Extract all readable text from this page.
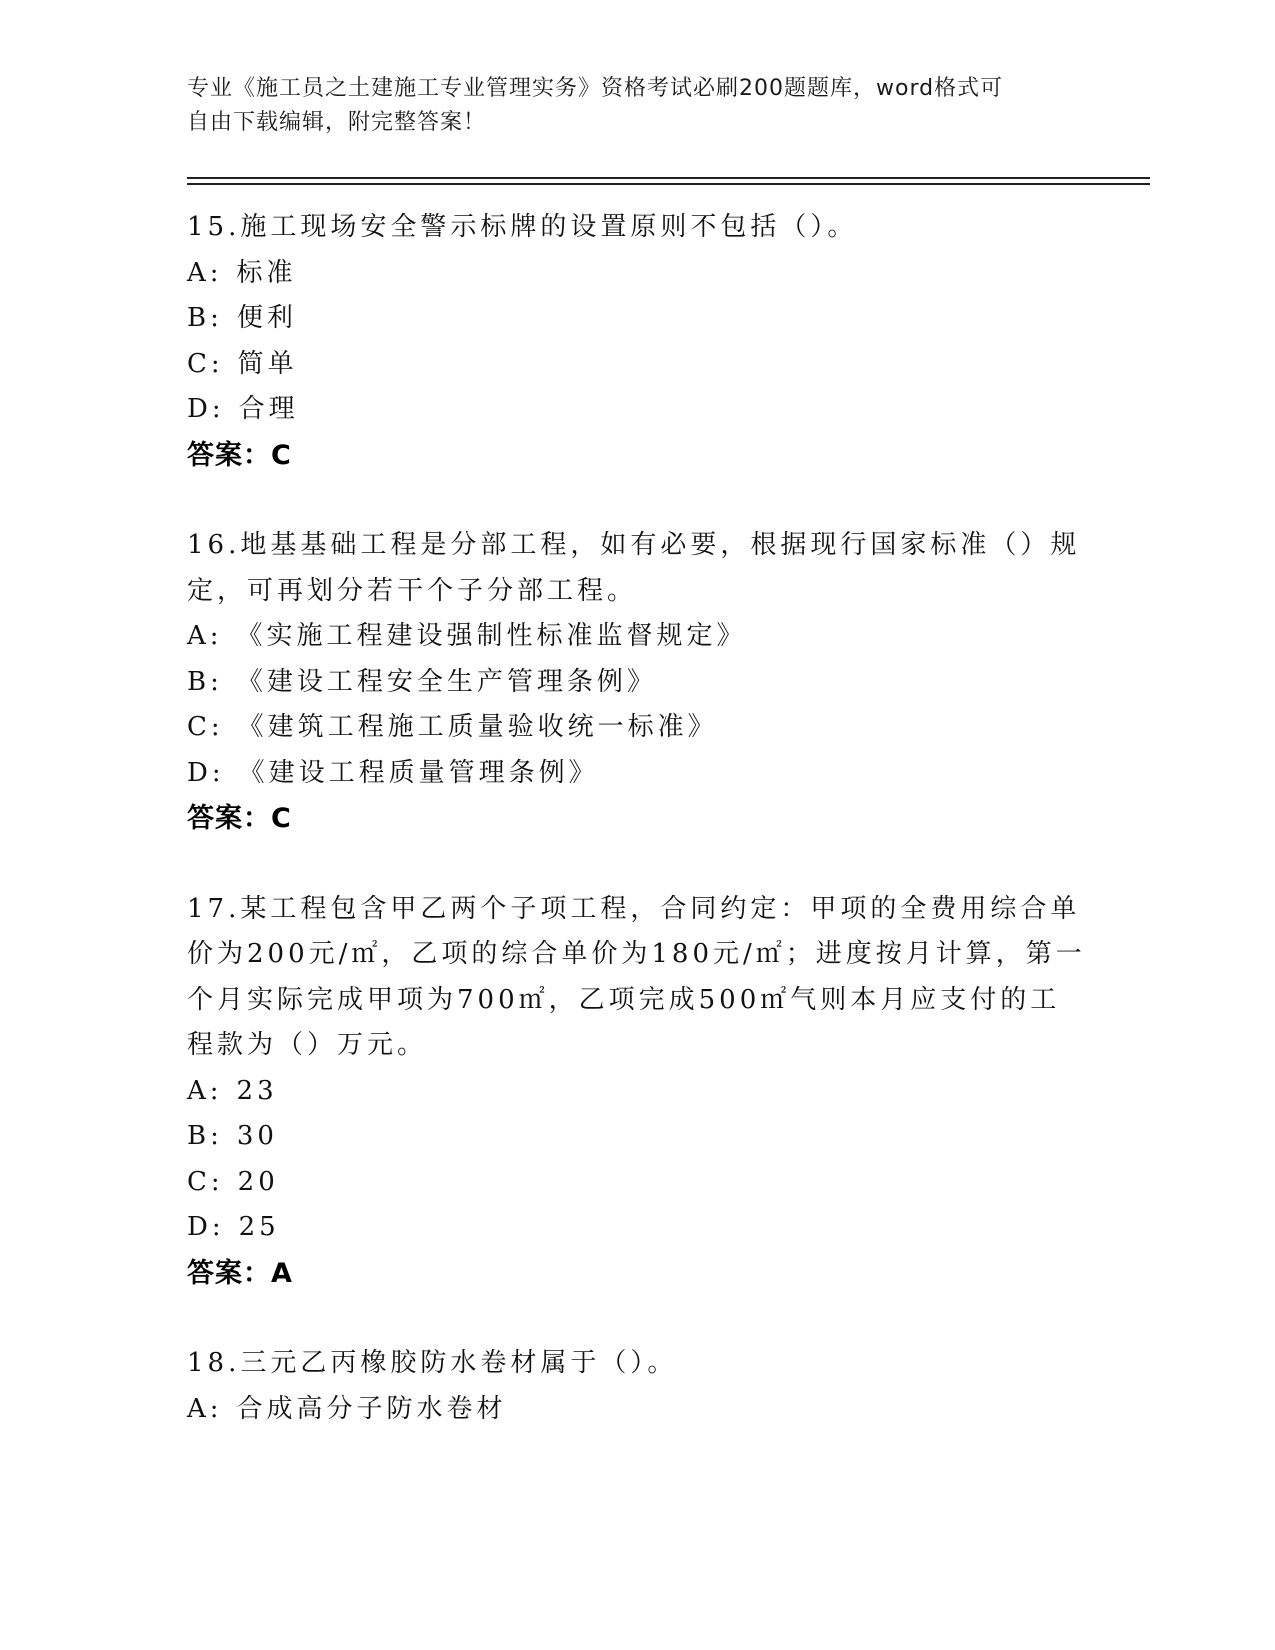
专业《施工员之土建施工专业管理实务》资格考试必刷200题题库，word格式可
自由下载编辑，附完整答案！

15.施工现场安全警示标牌的设置原则不包括（）。

A: 标准

B: 便利

C: 简单

D: 合理

答案：C

16.地基基础工程是分部工程，如有必要，根据现行国家标准（）规定，可再划分若干个子分部工程。

A: 《实施工程建设强制性标准监督规定》

B: 《建设工程安全生产管理条例》

C: 《建筑工程施工质量验收统一标准》

D: 《建设工程质量管理条例》

答案：C

17.某工程包含甲乙两个子项工程，合同约定：甲项的全费用综合单价为200元/㎡，乙项的综合单价为180元/㎡；进度按月计算，第一个月实际完成甲项为700㎡，乙项完成500㎡气则本月应支付的工程款为（）万元。

A: 23

B: 30

C: 20

D: 25

答案：A

18.三元乙丙橡胶防水卷材属于（）。

A: 合成高分子防水卷材
